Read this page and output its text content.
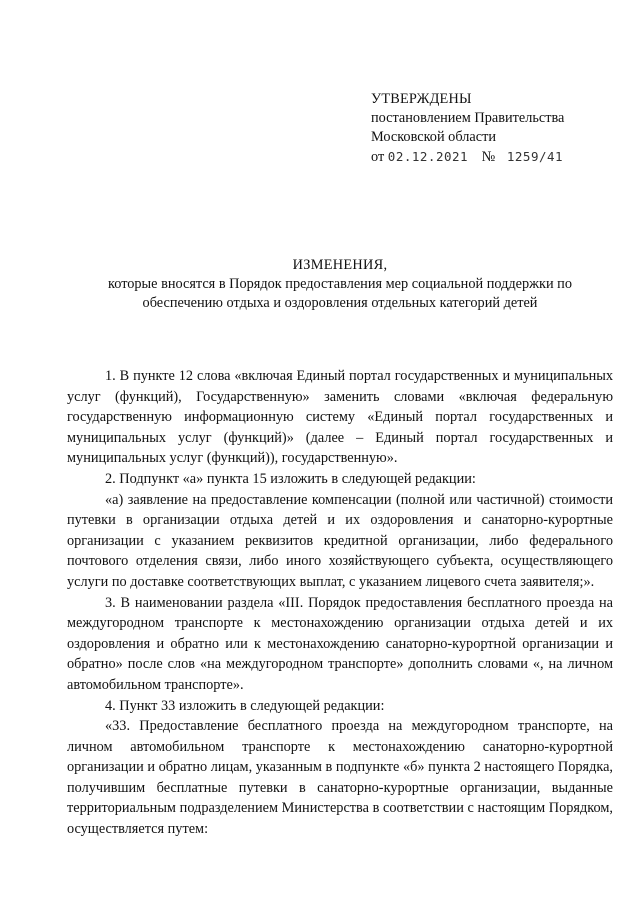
УТВЕРЖДЕНЫ
постановлением Правительства
Московской области
от 02.12.2021 № 1259/41
ИЗМЕНЕНИЯ,
которые вносятся в Порядок предоставления мер социальной поддержки по
обеспечению отдыха и оздоровления отдельных категорий детей

1. В пункте 12 слова «включая Единый портал государственных и муниципальных услуг (функций), Государственную» заменить словами «включая федеральную государственную информационную систему «Единый портал государственных и муниципальных услуг (функций)» (далее – Единый портал государственных и муниципальных услуг (функций)), государственную».

2. Подпункт «а» пункта 15 изложить в следующей редакции:

«а) заявление на предоставление компенсации (полной или частичной) стоимости путевки в организации отдыха детей и их оздоровления и санаторно-курортные организации с указанием реквизитов кредитной организации, либо федерального почтового отделения связи, либо иного хозяйствующего субъекта, осуществляющего услуги по доставке соответствующих выплат, с указанием лицевого счета заявителя;».

3. В наименовании раздела «III. Порядок предоставления бесплатного проезда на междугородном транспорте к местонахождению организации отдыха детей и их оздоровления и обратно или к местонахождению санаторно-курортной организации и обратно» после слов «на междугородном транспорте» дополнить словами «, на личном автомобильном транспорте».

4. Пункт 33 изложить в следующей редакции:

«33. Предоставление бесплатного проезда на междугородном транспорте, на личном автомобильном транспорте к местонахождению санаторно-курортной организации и обратно лицам, указанным в подпункте «б» пункта 2 настоящего Порядка, получившим бесплатные путевки в санаторно-курортные организации, выданные территориальным подразделением Министерства в соответствии с настоящим Порядком, осуществляется путем:
